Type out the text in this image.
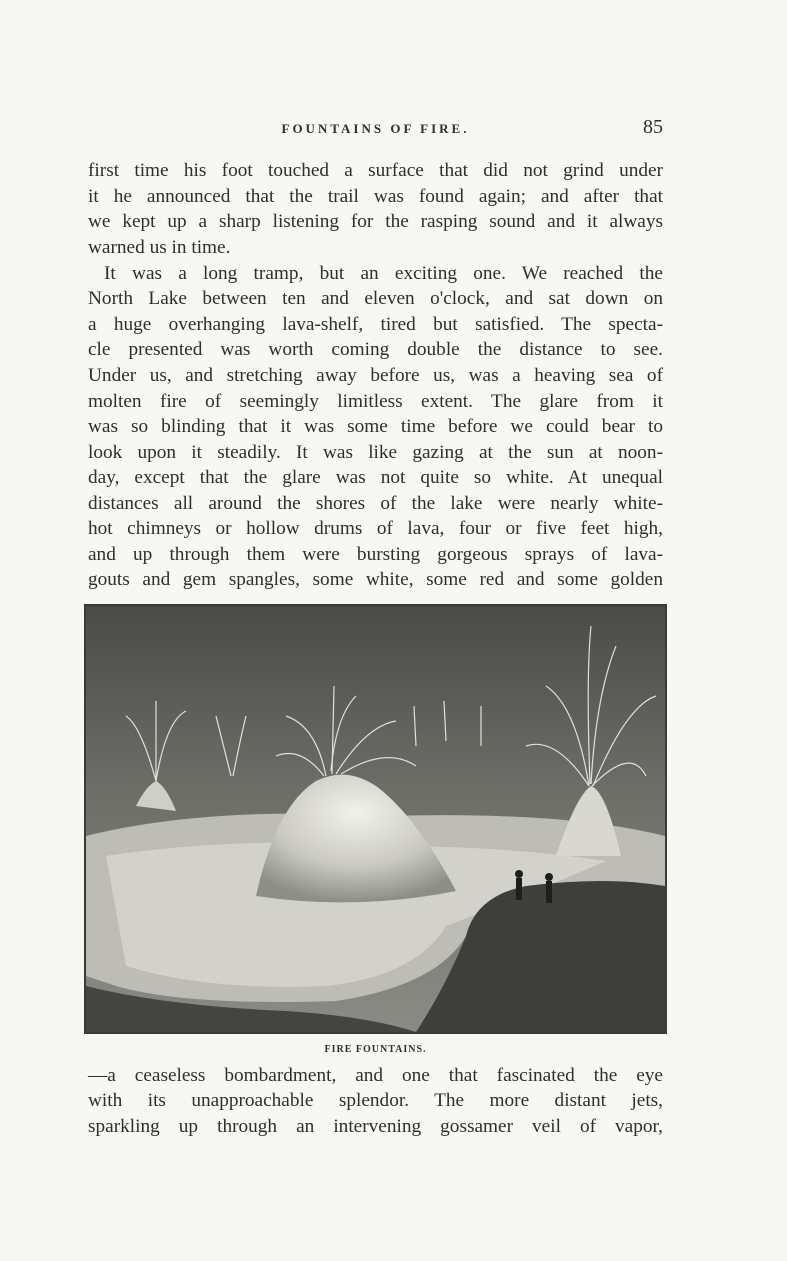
FOUNTAINS OF FIRE.	85
first time his foot touched a surface that did not grind under
it he announced that the trail was found again; and after that
we kept up a sharp listening for the rasping sound and it always
warned us in time.
It was a long tramp, but an exciting one. We reached the
North Lake between ten and eleven o'clock, and sat down on
a huge overhanging lava-shelf, tired but satisfied. The specta-
cle presented was worth coming double the distance to see.
Under us, and stretching away before us, was a heaving sea of
molten fire of seemingly limitless extent. The glare from it
was so blinding that it was some time before we could bear to
look upon it steadily. It was like gazing at the sun at noon-
day, except that the glare was not quite so white. At unequal
distances all around the shores of the lake were nearly white-
hot chimneys or hollow drums of lava, four or five feet high,
and up through them were bursting gorgeous sprays of lava-
gouts and gem spangles, some white, some red and some golden
FIRE FOUNTAINS.
—a ceaseless bombardment, and one that fascinated the eye
with its unapproachable splendor. The more distant jets,
sparkling up through an intervening gossamer veil of vapor,
